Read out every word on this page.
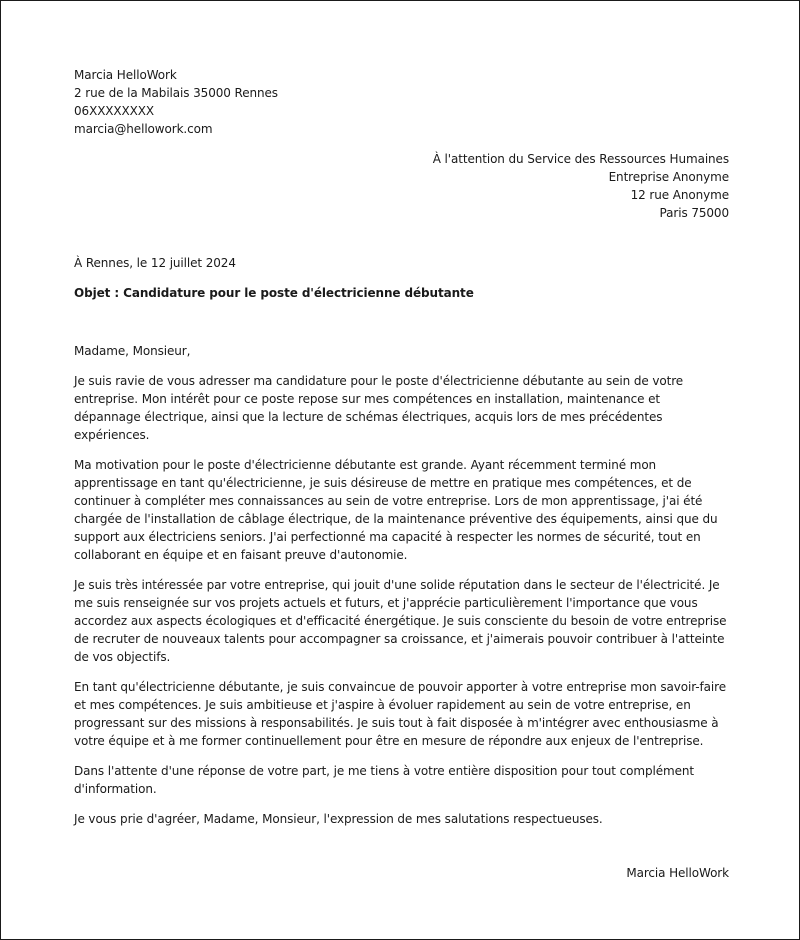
Marcia HelloWork
2 rue de la Mabilais 35000 Rennes
06XXXXXXXX
marcia@hellowork.com
À l'attention du Service des Ressources Humaines
Entreprise Anonyme
12 rue Anonyme
Paris 75000
À Rennes, le 12 juillet 2024
Objet : Candidature pour le poste d'électricienne débutante
Madame, Monsieur,
Je suis ravie de vous adresser ma candidature pour le poste d'électricienne débutante au sein de votre entreprise. Mon intérêt pour ce poste repose sur mes compétences en installation, maintenance et dépannage électrique, ainsi que la lecture de schémas électriques, acquis lors de mes précédentes expériences.
Ma motivation pour le poste d'électricienne débutante est grande. Ayant récemment terminé mon apprentissage en tant qu'électricienne, je suis désireuse de mettre en pratique mes compétences, et de continuer à compléter mes connaissances au sein de votre entreprise. Lors de mon apprentissage, j'ai été chargée de l'installation de câblage électrique, de la maintenance préventive des équipements, ainsi que du support aux électriciens seniors. J'ai perfectionné ma capacité à respecter les normes de sécurité, tout en collaborant en équipe et en faisant preuve d'autonomie.
Je suis très intéressée par votre entreprise, qui jouit d'une solide réputation dans le secteur de l'électricité. Je me suis renseignée sur vos projets actuels et futurs, et j'apprécie particulièrement l'importance que vous accordez aux aspects écologiques et d'efficacité énergétique. Je suis consciente du besoin de votre entreprise de recruter de nouveaux talents pour accompagner sa croissance, et j'aimerais pouvoir contribuer à l'atteinte de vos objectifs.
En tant qu'électricienne débutante, je suis convaincue de pouvoir apporter à votre entreprise mon savoir-faire et mes compétences. Je suis ambitieuse et j'aspire à évoluer rapidement au sein de votre entreprise, en progressant sur des missions à responsabilités. Je suis tout à fait disposée à m'intégrer avec enthousiasme à votre équipe et à me former continuellement pour être en mesure de répondre aux enjeux de l'entreprise.
Dans l'attente d'une réponse de votre part, je me tiens à votre entière disposition pour tout complément d'information.
Je vous prie d'agréer, Madame, Monsieur, l'expression de mes salutations respectueuses.
Marcia HelloWork
